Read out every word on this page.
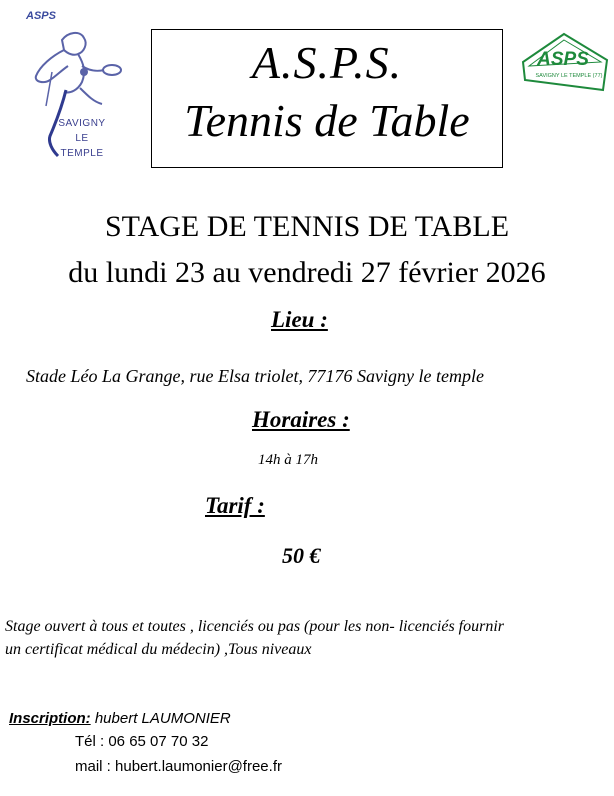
ASPS
SAVIGNY
LE
TEMPLE
A.S.P.S.
Tennis de Table
ASPS
SAVIGNY LE TEMPLE (77)
STAGE DE TENNIS DE TABLE
du lundi 23 au vendredi 27 février 2026
Lieu :
Stade Léo La Grange, rue Elsa triolet, 77176 Savigny le temple
Horaires :
14h à 17h
Tarif :
50 €
Stage ouvert à tous et toutes , licenciés ou pas (pour les non- licenciés fournir
un certificat médical du médecin) ,Tous niveaux
Inscription: hubert LAUMONIER
Tél : 06 65 07 70 32
mail : hubert.laumonier@free.fr
